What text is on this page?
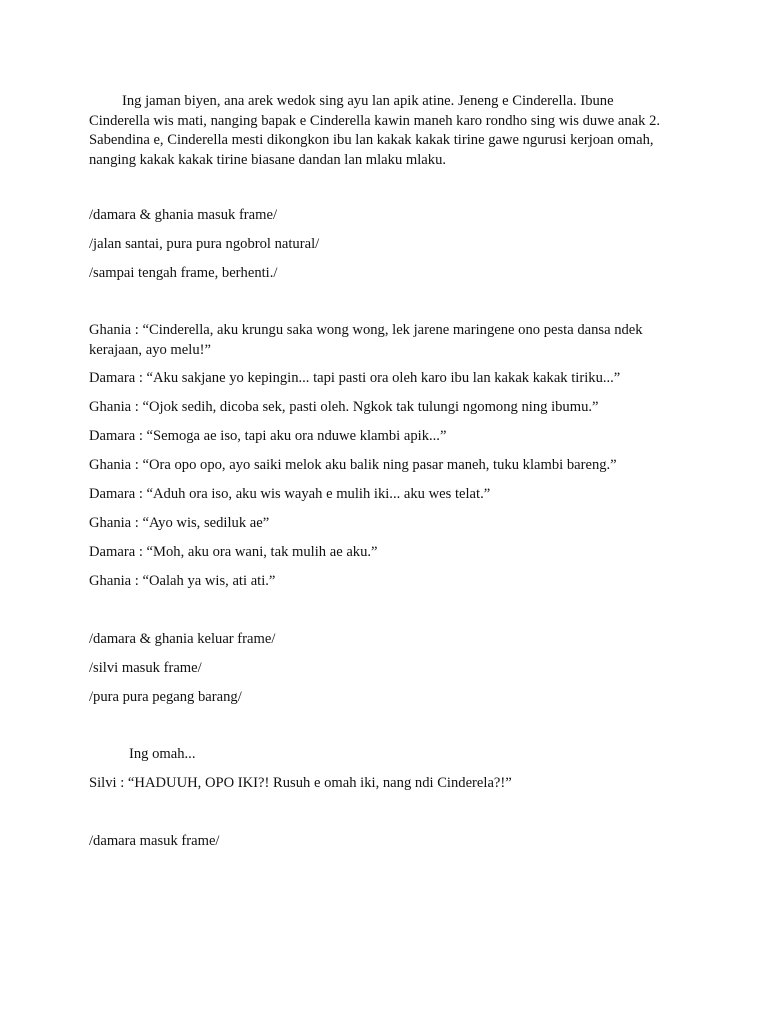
Ing jaman biyen, ana arek wedok sing ayu lan apik atine. Jeneng e Cinderella. Ibune Cinderella wis mati, nanging bapak e Cinderella kawin maneh karo rondho sing wis duwe anak 2. Sabendina e, Cinderella mesti dikongkon ibu lan kakak kakak tirine gawe ngurusi kerjoan omah, nanging kakak kakak tirine biasane dandan lan mlaku mlaku.

/damara & ghania masuk frame/

/jalan santai, pura pura ngobrol natural/

/sampai tengah frame, berhenti./

Ghania : “Cinderella, aku krungu saka wong wong, lek jarene maringene ono pesta dansa ndek kerajaan, ayo melu!”

Damara : “Aku sakjane yo kepingin... tapi pasti ora oleh karo ibu lan kakak kakak tiriku...”

Ghania : “Ojok sedih, dicoba sek, pasti oleh. Ngkok tak tulungi ngomong ning ibumu.”

Damara : “Semoga ae iso, tapi aku ora nduwe klambi apik...”

Ghania : “Ora opo opo, ayo saiki melok aku balik ning pasar maneh, tuku klambi bareng.”

Damara : “Aduh ora iso, aku wis wayah e mulih iki... aku wes telat.”

Ghania : “Ayo wis, sediluk ae”

Damara : “Moh, aku ora wani, tak mulih ae aku.”

Ghania : “Oalah ya wis, ati ati.”

/damara & ghania keluar frame/

/silvi masuk frame/

/pura pura pegang barang/

Ing omah...

Silvi : “HADUUH, OPO IKI?! Rusuh e omah iki, nang ndi Cinderela?!”

/damara masuk frame/
